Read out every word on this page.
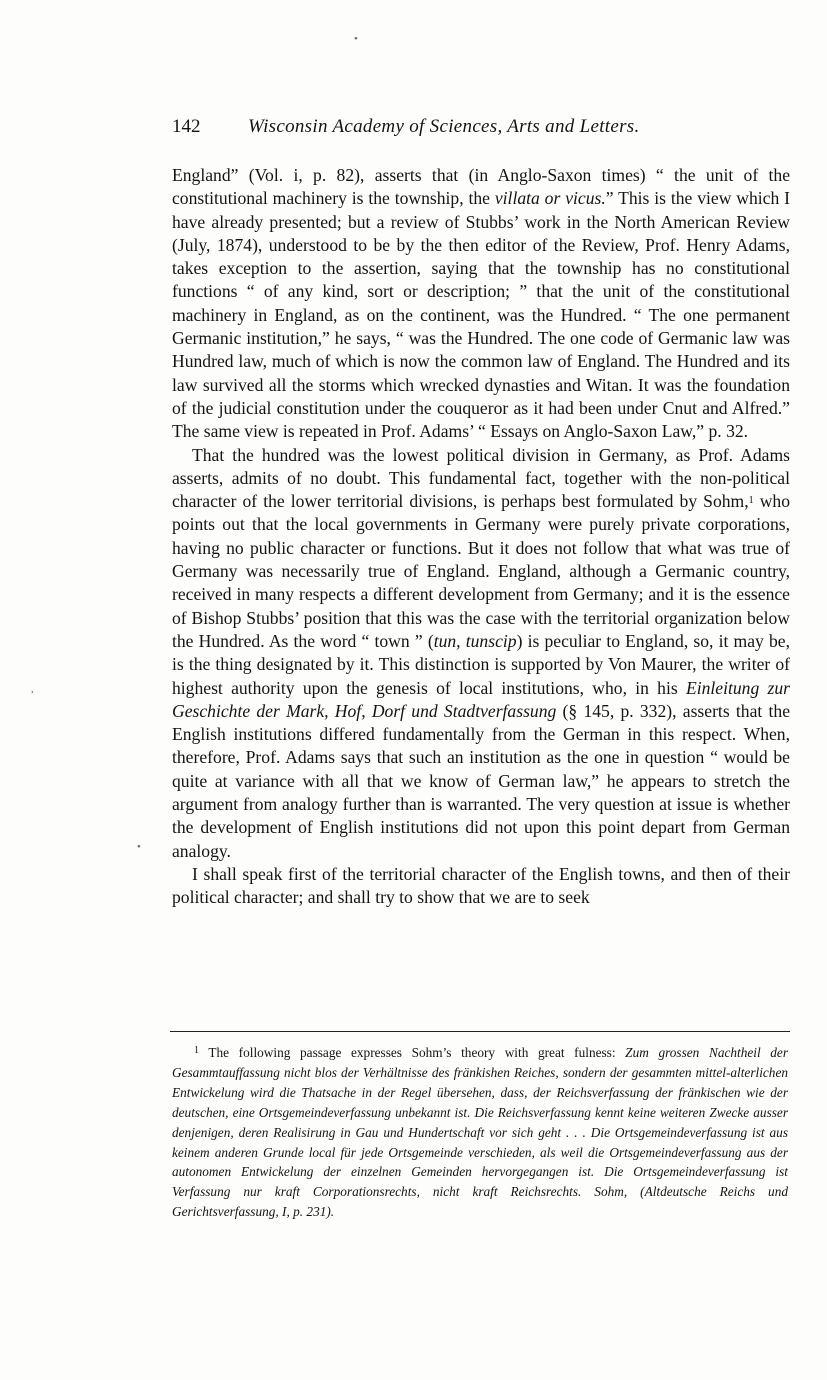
•
,
•
142	Wisconsin Academy of Sciences, Arts and Letters.

England” (Vol. i, p. 82), asserts that (in Anglo-Saxon times) “ the unit of the constitutional machinery is the township, the villata or vicus.” This is the view which I have already presented; but a review of Stubbs’ work in the North American Review (July, 1874), understood to be by the then editor of the Review, Prof. Henry Adams, takes exception to the assertion, saying that the township has no constitutional functions “ of any kind, sort or description; ” that the unit of the constitutional machinery in England, as on the continent, was the Hundred. “ The one permanent Germanic institution,” he says, “ was the Hundred. The one code of Germanic law was Hundred law, much of which is now the common law of England. The Hundred and its law survived all the storms which wrecked dynasties and Witan. It was the foundation of the judicial constitution under the couqueror as it had been under Cnut and Alfred.” The same view is repeated in Prof. Adams’ “ Essays on Anglo-Saxon Law,” p. 32.

That the hundred was the lowest political division in Germany, as Prof. Adams asserts, admits of no doubt. This fundamental fact, together with the non-political character of the lower territorial divisions, is perhaps best formulated by Sohm,$^1$ who points out that the local governments in Germany were purely private corporations, having no public character or functions. But it does not follow that what was true of Germany was necessarily true of England. England, although a Germanic country, received in many respects a different development from Germany; and it is the essence of Bishop Stubbs’ position that this was the case with the territorial organization below the Hundred. As the word “ town ” (tun, tunscip) is peculiar to England, so, it may be, is the thing designated by it. This distinction is supported by Von Maurer, the writer of highest authority upon the genesis of local institutions, who, in his Einleitung zur Geschichte der Mark, Hof, Dorf und Stadtverfassung (§ 145, p. 332), asserts that the English institutions differed fundamentally from the German in this respect. When, therefore, Prof. Adams says that such an institution as the one in question “ would be quite at variance with all that we know of German law,” he appears to stretch the argument from analogy further than is warranted. The very question at issue is whether the development of English institutions did not upon this point depart from German analogy.

I shall speak first of the territorial character of the English towns, and then of their political character; and shall try to show that we are to seek

$^1$ The following passage expresses Sohm’s theory with great fulness: Zum grossen Nachtheil der Gesammtauffassung nicht blos der Verhältnisse des fränkishen Reiches, sondern der gesammten mittel-alterlichen Entwickelung wird die Thatsache in der Regel übersehen, dass, der Reichsverfassung der fränkischen wie der deutschen, eine Ortsgemeindeverfassung unbekannt ist. Die Reichsverfassung kennt keine weiteren Zwecke ausser denjenigen, deren Realisirung in Gau und Hundertschaft vor sich geht . . . Die Ortsgemeindeverfassung ist aus keinem anderen Grunde local für jede Ortsgemeinde verschieden, als weil die Ortsgemeindeverfassung aus der autonomen Entwickelung der einzelnen Gemeinden hervorgegangen ist. Die Ortsgemeindeverfassung ist Verfassung nur kraft Corporationsrechts, nicht kraft Reichsrechts. Sohm, (Altdeutsche Reichs und Gerichtsverfassung, I, p. 231).
